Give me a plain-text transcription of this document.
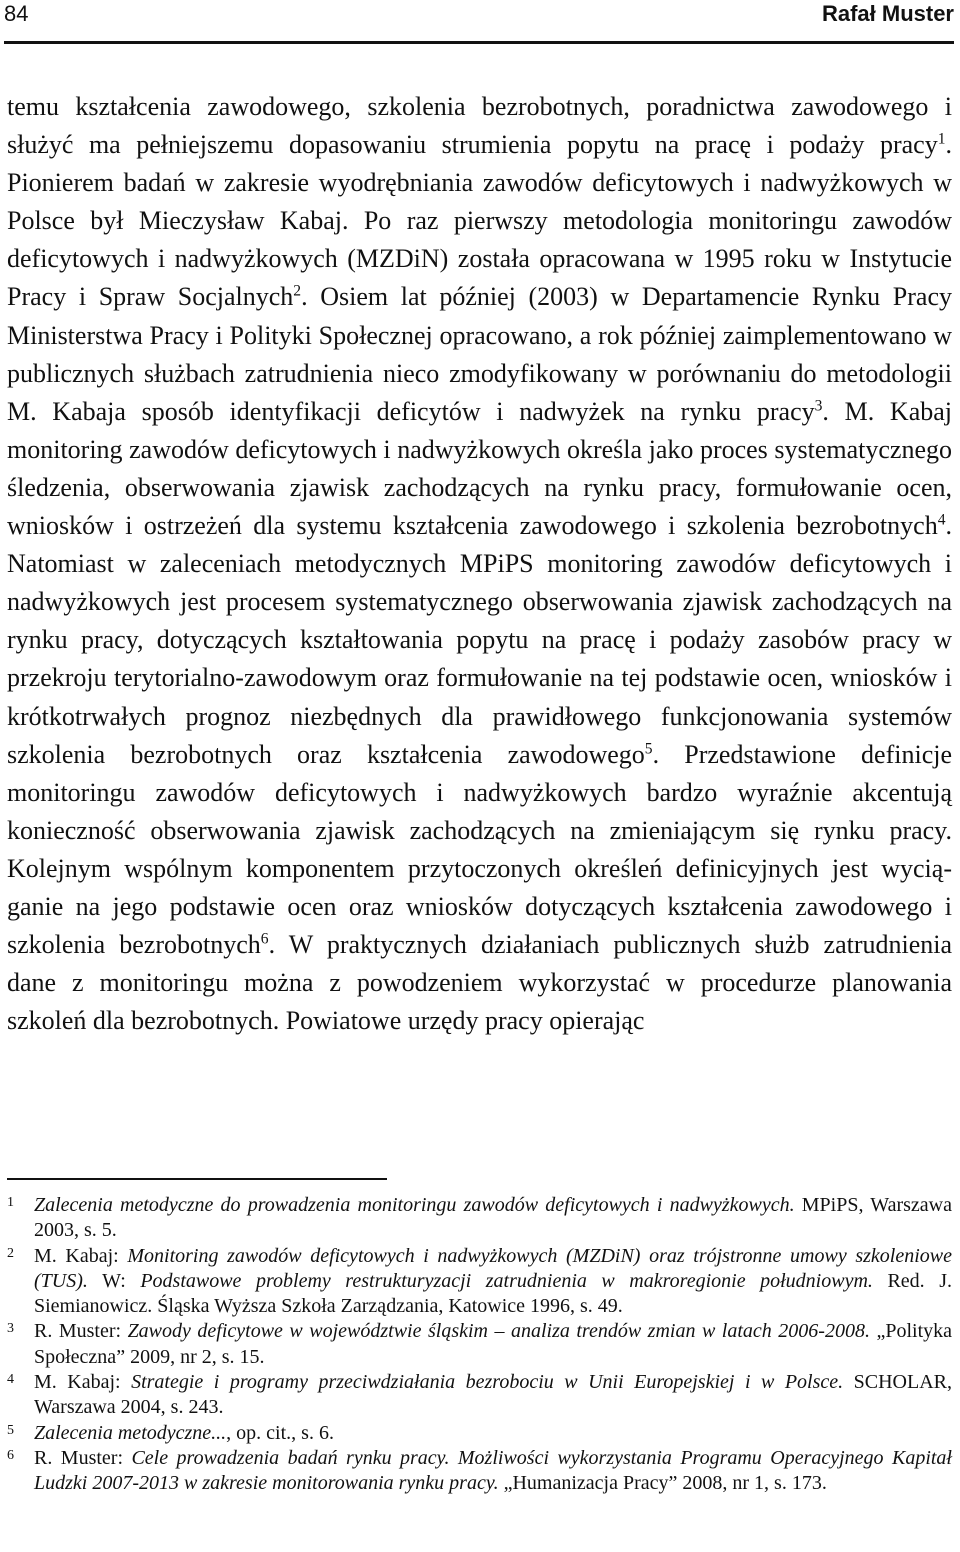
84	Rafał Muster

temu kształcenia zawodowego, szkolenia bezrobotnych, poradnictwa zawodowego i służyć ma pełniejszemu dopasowaniu strumienia popytu na pracę i podaży pracy$^1$. Pionierem badań w zakresie wyodrębniania zawodów deficytowych i nadwyżkowych w Polsce był Mieczysław Kabaj. Po raz pierwszy metodologia monitoringu zawodów deficytowych i nadwyżkowych (MZDiN) została opracowana w 1995 roku w Instytucie Pracy i Spraw Socjalnych$^2$. Osiem lat później (2003) w Departamencie Rynku Pracy Ministerstwa Pracy i Polityki Społecznej opracowano, a rok później zaimplementowano w publicznych służbach zatrudnienia nieco zmodyfikowany w porównaniu do metodologii M. Kabaja sposób identyfikacji deficytów i nadwyżek na rynku pracy$^3$. M. Kabaj monitoring zawodów deficytowych i nadwyżkowych określa jako proces systematycznego śledzenia, obserwowania zjawisk zachodzących na rynku pracy, formułowanie ocen, wniosków i ostrzeżeń dla systemu kształcenia zawodowego i szkolenia bezrobotnych$^4$. Natomiast w zaleceniach metodycznych MPiPS monitoring zawodów deficytowych i nadwyżkowych jest procesem systematycznego obserwowania zjawisk zachodzących na rynku pracy, dotyczących kształtowania popytu na pracę i podaży zasobów pracy w przekroju terytorialno-zawodowym oraz formułowanie na tej podstawie ocen, wniosków i krótkotrwałych prognoz niezbędnych dla prawidłowego funkcjonowania systemów szkolenia bezrobotnych oraz kształcenia zawodowego$^5$. Przedstawione definicje monitoringu zawodów deficytowych i nadwyżkowych bardzo wyraźnie akcentują konieczność obserwowania zjawisk zachodzących na zmieniającym się rynku pracy. Kolejnym wspólnym komponentem przytoczonych określeń definicyjnych jest wyciąganie na jego podstawie ocen oraz wniosków dotyczących kształcenia zawodowego i szkolenia bezrobotnych$^6$. W praktycznych działaniach publicznych służb zatrudnienia dane z monitoringu można z powodzeniem wykorzystać w procedurze planowania szkoleń dla bezrobotnych. Powiatowe urzędy pracy opierając

1 Zalecenia metodyczne do prowadzenia monitoringu zawodów deficytowych i nadwyżkowych. MPiPS, Warszawa 2003, s. 5.
2 M. Kabaj: Monitoring zawodów deficytowych i nadwyżkowych (MZDiN) oraz trójstronne umowy szkoleniowe (TUS). W: Podstawowe problemy restrukturyzacji zatrudnienia w makroregionie południowym. Red. J. Siemianowicz. Śląska Wyższa Szkoła Zarządzania, Katowice 1996, s. 49.
3 R. Muster: Zawody deficytowe w województwie śląskim – analiza trendów zmian w latach 2006-2008. „Polityka Społeczna” 2009, nr 2, s. 15.
4 M. Kabaj: Strategie i programy przeciwdziałania bezrobociu w Unii Europejskiej i w Polsce. SCHOLAR, Warszawa 2004, s. 243.
5 Zalecenia metodyczne..., op. cit., s. 6.
6 R. Muster: Cele prowadzenia badań rynku pracy. Możliwości wykorzystania Programu Operacyjnego Kapitał Ludzki 2007-2013 w zakresie monitorowania rynku pracy. „Humanizacja Pracy” 2008, nr 1, s. 173.
